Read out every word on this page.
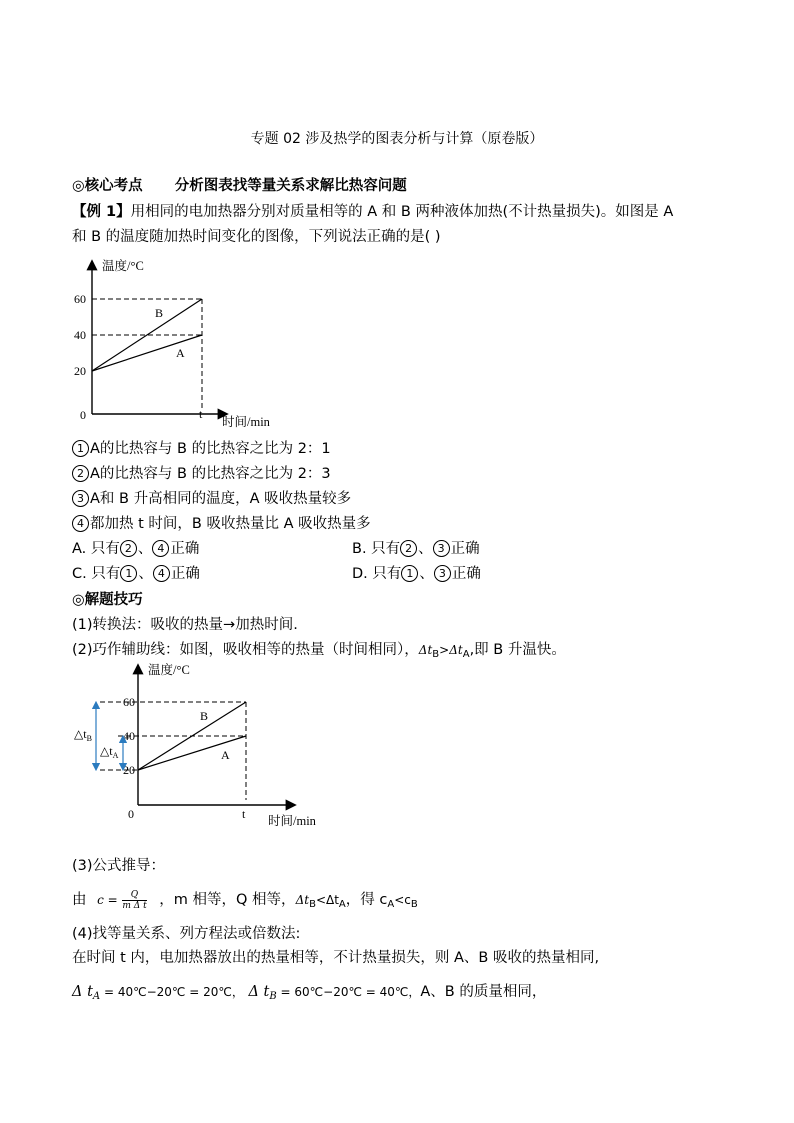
专题 02 涉及热学的图表分析与计算（原卷版）
◎核心考点 分析图表找等量关系求解比热容问题
【例 1】用相同的电加热器分别对质量相等的 A 和 B 两种液体加热(不计热量损失)。如图是 A
和 B 的温度随加热时间变化的图像，下列说法正确的是( )
温度/°C
时间/min
0
60
40
20
t
B
A
1 A的比热容与 B 的比热容之比为 2：1
2 A的比热容与 B 的比热容之比为 2：3
3 A和 B 升高相同的温度，A 吸收热量较多
4 都加热 t 时间，B 吸收热量比 A 吸收热量多
A. 只有 2 、 4 正确	B. 只有 2 、 3 正确
C. 只有 1 、 4 正确	D. 只有 1 、 3 正确
◎解题技巧
(1)转换法：吸收的热量→加热时间.
(2)巧作辅助线：如图，吸收相等的热量（时间相同），$\Delta t_B>\Delta t_A$,即 B 升温快。
温度/°C
时间/min
0
60
40
20
t
B
A
$\triangle t_B$
$\triangle t_A$
(3)公式推导：
由 $c = \frac{Q}{\text{m Δ t}}$ ，m 相等，Q 相等，$\Delta t_B<\Delta t_A$，得 $c_A<c_B$
(4)找等量关系、列方程法或倍数法:
在时间 t 内，电加热器放出的热量相等，不计热量损失，则 A、B 吸收的热量相同,
Δ $t_A$ = 40℃−20℃ = 20℃， Δ $t_B$ = 60℃−20℃ = 40℃，A、B 的质量相同，
